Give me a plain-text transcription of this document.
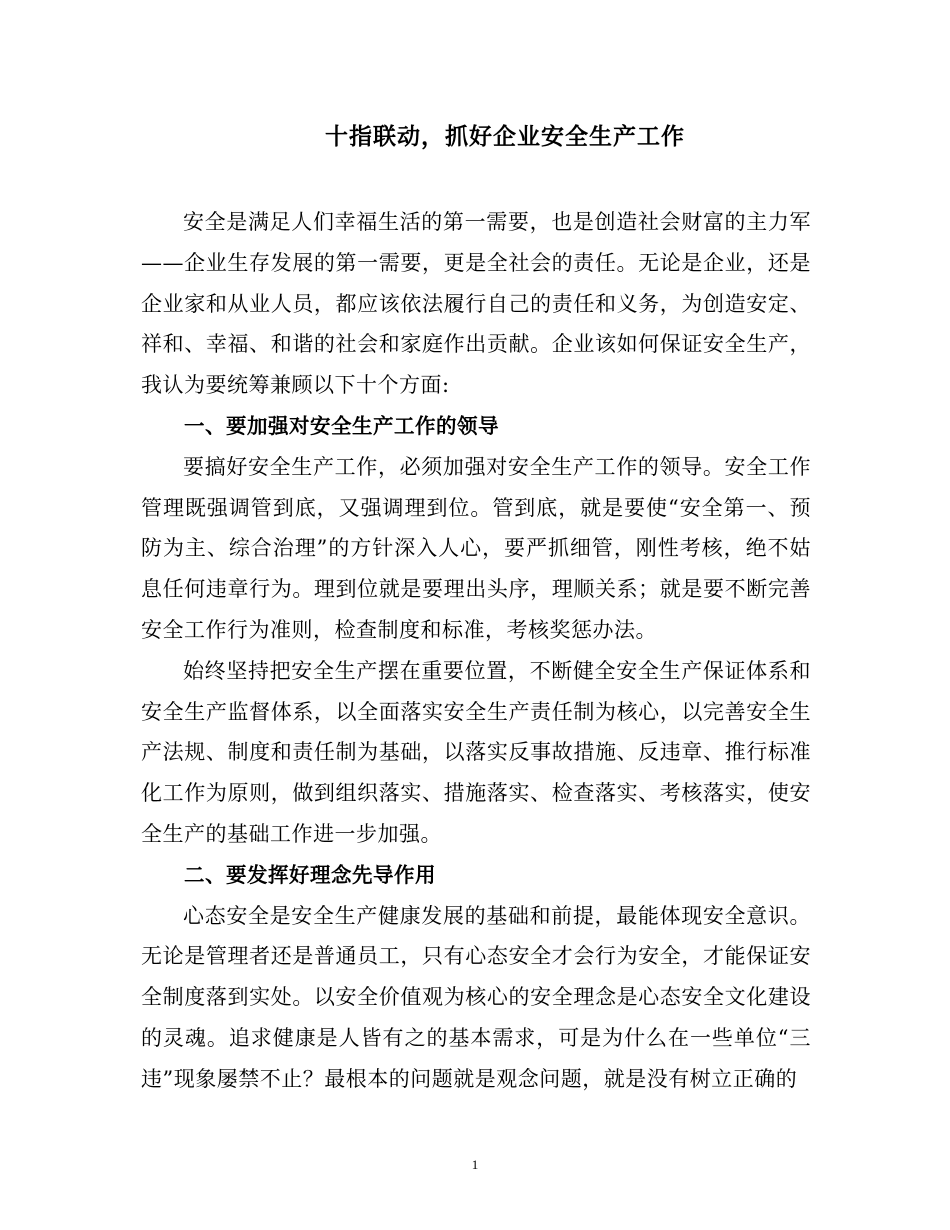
十指联动，抓好企业安全生产工作

安全是满足人们幸福生活的第一需要，也是创造社会财富的主力军——企业生存发展的第一需要，更是全社会的责任。无论是企业，还是企业家和从业人员，都应该依法履行自己的责任和义务，为创造安定、祥和、幸福、和谐的社会和家庭作出贡献。企业该如何保证安全生产，我认为要统筹兼顾以下十个方面:

一、要加强对安全生产工作的领导

要搞好安全生产工作，必须加强对安全生产工作的领导。安全工作管理既强调管到底，又强调理到位。管到底，就是要使“安全第一、预防为主、综合治理”的方针深入人心，要严抓细管，刚性考核，绝不姑息任何违章行为。理到位就是要理出头序，理顺关系；就是要不断完善安全工作行为准则，检查制度和标准，考核奖惩办法。

始终坚持把安全生产摆在重要位置，不断健全安全生产保证体系和安全生产监督体系，以全面落实安全生产责任制为核心，以完善安全生产法规、制度和责任制为基础，以落实反事故措施、反违章、推行标准化工作为原则，做到组织落实、措施落实、检查落实、考核落实，使安全生产的基础工作进一步加强。

二、要发挥好理念先导作用

心态安全是安全生产健康发展的基础和前提，最能体现安全意识。无论是管理者还是普通员工，只有心态安全才会行为安全，才能保证安全制度落到实处。以安全价值观为核心的安全理念是心态安全文化建设的灵魂。追求健康是人皆有之的基本需求，可是为什么在一些单位“三违”现象屡禁不止？最根本的问题就是观念问题，就是没有树立正确的

1
